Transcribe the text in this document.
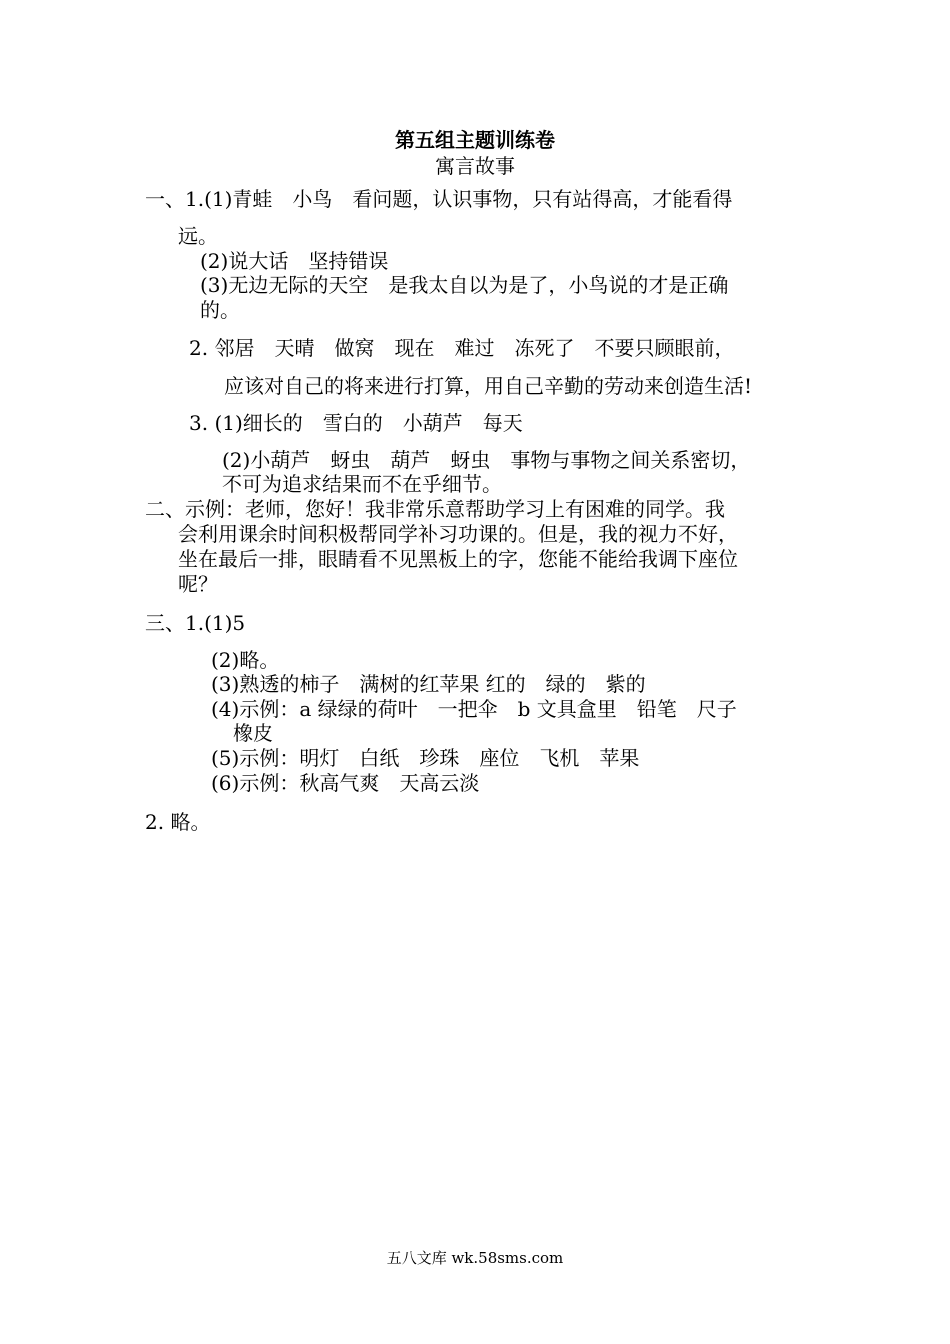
第五组主题训练卷
寓言故事
一、1.(1)青蛙　小鸟　看问题，认识事物，只有站得高，才能看得
远。
(2)说大话　坚持错误
(3)无边无际的天空　是我太自以为是了，小鸟说的才是正确
的。
2. 邻居　天晴　做窝　现在　难过　冻死了　不要只顾眼前，
应该对自己的将来进行打算，用自己辛勤的劳动来创造生活!
3. (1)细长的　雪白的　小葫芦　每天
(2)小葫芦　蚜虫　葫芦　蚜虫　事物与事物之间关系密切，
不可为追求结果而不在乎细节。
二、示例：老师，您好！我非常乐意帮助学习上有困难的同学。我
会利用课余时间积极帮同学补习功课的。但是，我的视力不好，
坐在最后一排，眼睛看不见黑板上的字，您能不能给我调下座位
呢？
三、1.(1)5
(2)略。
(3)熟透的柿子　满树的红苹果 红的　绿的　紫的
(4)示例：a 绿绿的荷叶　一把伞　b 文具盒里　铅笔　尺子
橡皮
(5)示例：明灯　白纸　珍珠　座位　飞机　苹果
(6)示例：秋高气爽　天高云淡
2. 略。
五八文库 wk.58sms.com
